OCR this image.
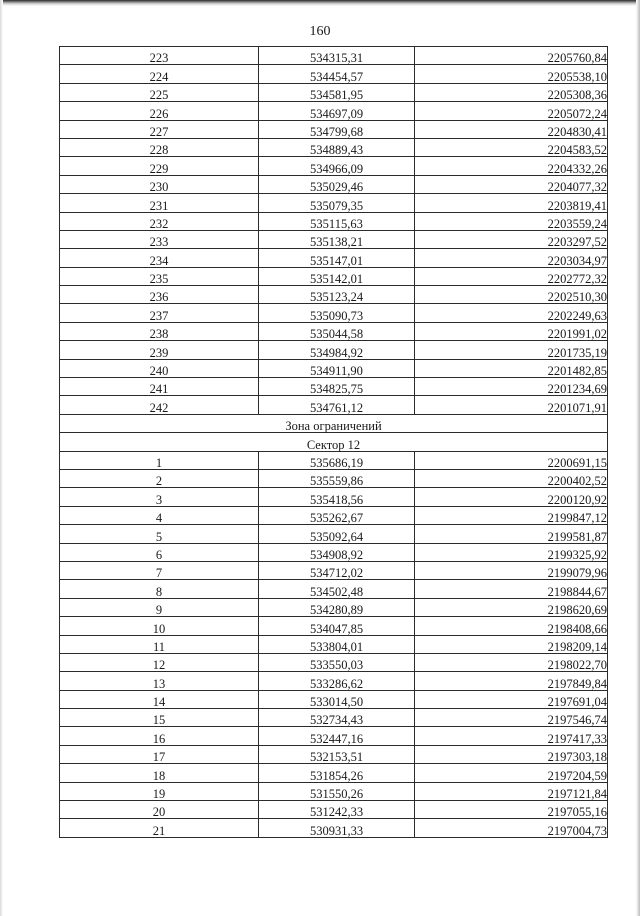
160
223	534315,31	2205760,84
224	534454,57	2205538,10
225	534581,95	2205308,36
226	534697,09	2205072,24
227	534799,68	2204830,41
228	534889,43	2204583,52
229	534966,09	2204332,26
230	535029,46	2204077,32
231	535079,35	2203819,41
232	535115,63	2203559,24
233	535138,21	2203297,52
234	535147,01	2203034,97
235	535142,01	2202772,32
236	535123,24	2202510,30
237	535090,73	2202249,63
238	535044,58	2201991,02
239	534984,92	2201735,19
240	534911,90	2201482,85
241	534825,75	2201234,69
242	534761,12	2201071,91
Зона ограничений		
Сектор 12		
1	535686,19	2200691,15
2	535559,86	2200402,52
3	535418,56	2200120,92
4	535262,67	2199847,12
5	535092,64	2199581,87
6	534908,92	2199325,92
7	534712,02	2199079,96
8	534502,48	2198844,67
9	534280,89	2198620,69
10	534047,85	2198408,66
11	533804,01	2198209,14
12	533550,03	2198022,70
13	533286,62	2197849,84
14	533014,50	2197691,04
15	532734,43	2197546,74
16	532447,16	2197417,33
17	532153,51	2197303,18
18	531854,26	2197204,59
19	531550,26	2197121,84
20	531242,33	2197055,16
21	530931,33	2197004,73
